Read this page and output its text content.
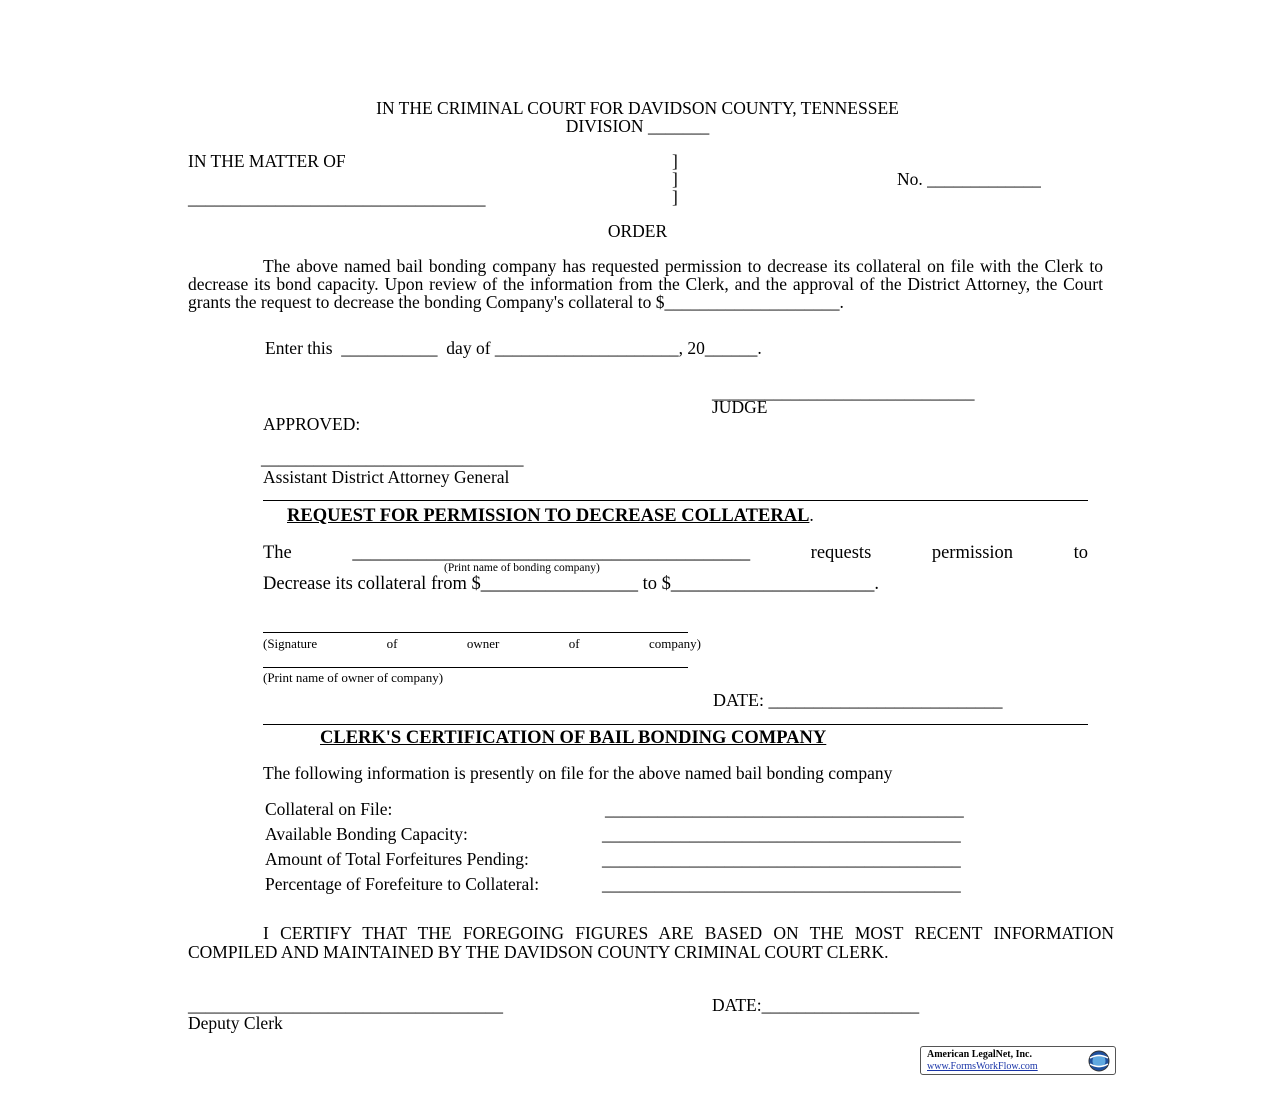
IN THE CRIMINAL COURT FOR DAVIDSON COUNTY, TENNESSEE
DIVISION _______
IN THE MATTER OF	]
]
]
No. _____________
__________________________________
ORDER
The above named bail bonding company has requested permission to decrease its collateral on file with the Clerk to decrease its bond capacity. Upon review of the information from the Clerk, and the approval of the District Attorney, the Court grants the request to decrease the bonding Company's collateral to $____________________.
Enter this  ___________  day of _____________________, 20______.
______________________________
JUDGE
APPROVED:
______________________________
Assistant District Attorney General
REQUEST FOR PERMISSION TO DECREASE COLLATERAL.
The ___________________________________________ requests permission to
(Print name of bonding company)
Decrease its collateral from $_________________ to $______________________.
(Signature of owner of company)
(Print name of owner of company)
DATE: __________________________
CLERK'S CERTIFICATION OF BAIL BONDING COMPANY
The following information is presently on file for the above named bail bonding company
Collateral on File:	_________________________________________
Available Bonding Capacity:	_________________________________________
Amount of Total Forfeitures Pending:	_________________________________________
Percentage of Forefeiture to Collateral:	_________________________________________
I CERTIFY THAT THE FOREGOING FIGURES ARE BASED ON THE MOST RECENT INFORMATION COMPILED AND MAINTAINED BY THE DAVIDSON COUNTY CRIMINAL COURT CLERK.
____________________________________	DATE:__________________
Deputy Clerk
American LegalNet, Inc.
www.FormsWorkFlow.com
